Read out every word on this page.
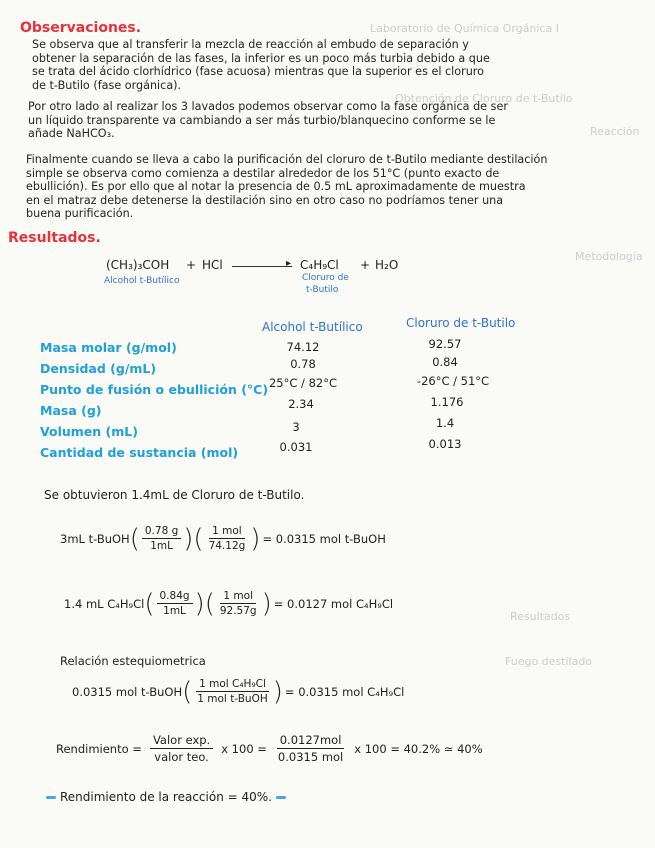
Laboratorio de Química Orgánica I
Obtención de Cloruro de t-Butilo
Reacción
Metodología
Resultados
Fuego destilado
Observaciones.
Se observa que al transferir la mezcla de reacción al embudo de separación y
obtener la separación de las fases, la inferior es un poco más turbia debido a que
se trata del ácido clorhídrico (fase acuosa) mientras que la superior es el cloruro
de t-Butilo (fase orgánica).
Por otro lado al realizar los 3 lavados podemos observar como la fase orgánica de ser
un líquido transparente va cambiando a ser más turbio/blanquecino conforme se le
añade NaHCO₃.
Finalmente cuando se lleva a cabo la purificación del cloruro de t-Butilo mediante destilación
simple se observa como comienza a destilar alrededor de los 51°C (punto exacto de
ebullición). Es por ello que al notar la presencia de 0.5 mL aproximadamente de muestra
en el matraz debe detenerse la destilación sino en otro caso no podríamos tener una
buena purificación.
Resultados.
(CH₃)₃COH + HCl	▸ C₄H₉Cl + H₂O
Alcohol t-Butílico	Cloruro de
t-Butilo
Alcohol t-Butílico	Cloruro de t-Butilo
Masa molar (g/mol)	74.12	92.57
Densidad (g/mL)	0.78	0.84
Punto de fusión o ebullición (°C) 25°C / 82°C	-26°C / 51°C
Masa (g)	2.34	1.176
Volumen (mL)	3	1.4
Cantidad de sustancia (mol)	0.031	0.013
Se obtuvieron 1.4mL de Cloruro de t-Butilo.
3mL t-BuOH ( $\frac{0.78 g}{1mL}$ )( $\frac{\text{1 mol}}{74.12g}$ ) = 0.0315 mol t-BuOH
1.4 mL C₄H₉Cl ( $\frac{0.84g}{1mL}$ )( $\frac{\text{1 mol}}{92.57g}$ ) = 0.0127 mol C₄H₉Cl
Relación estequiometrica
0.0315 mol t-BuOH ( $\frac{\text{1 mol C₄H₉Cl}}{\text{1 mol t-BuOH}}$ ) = 0.0315 mol C₄H₉Cl
Rendimiento = $\frac{\text{Valor exp.}}{\text{valor teo.}}$ x $100 = \frac{\text{0.0127mol}}{\text{0.0315 mol}}$ x 100 = 40.2% ≃ 40%
Rendimiento de la reacción = 40%.
